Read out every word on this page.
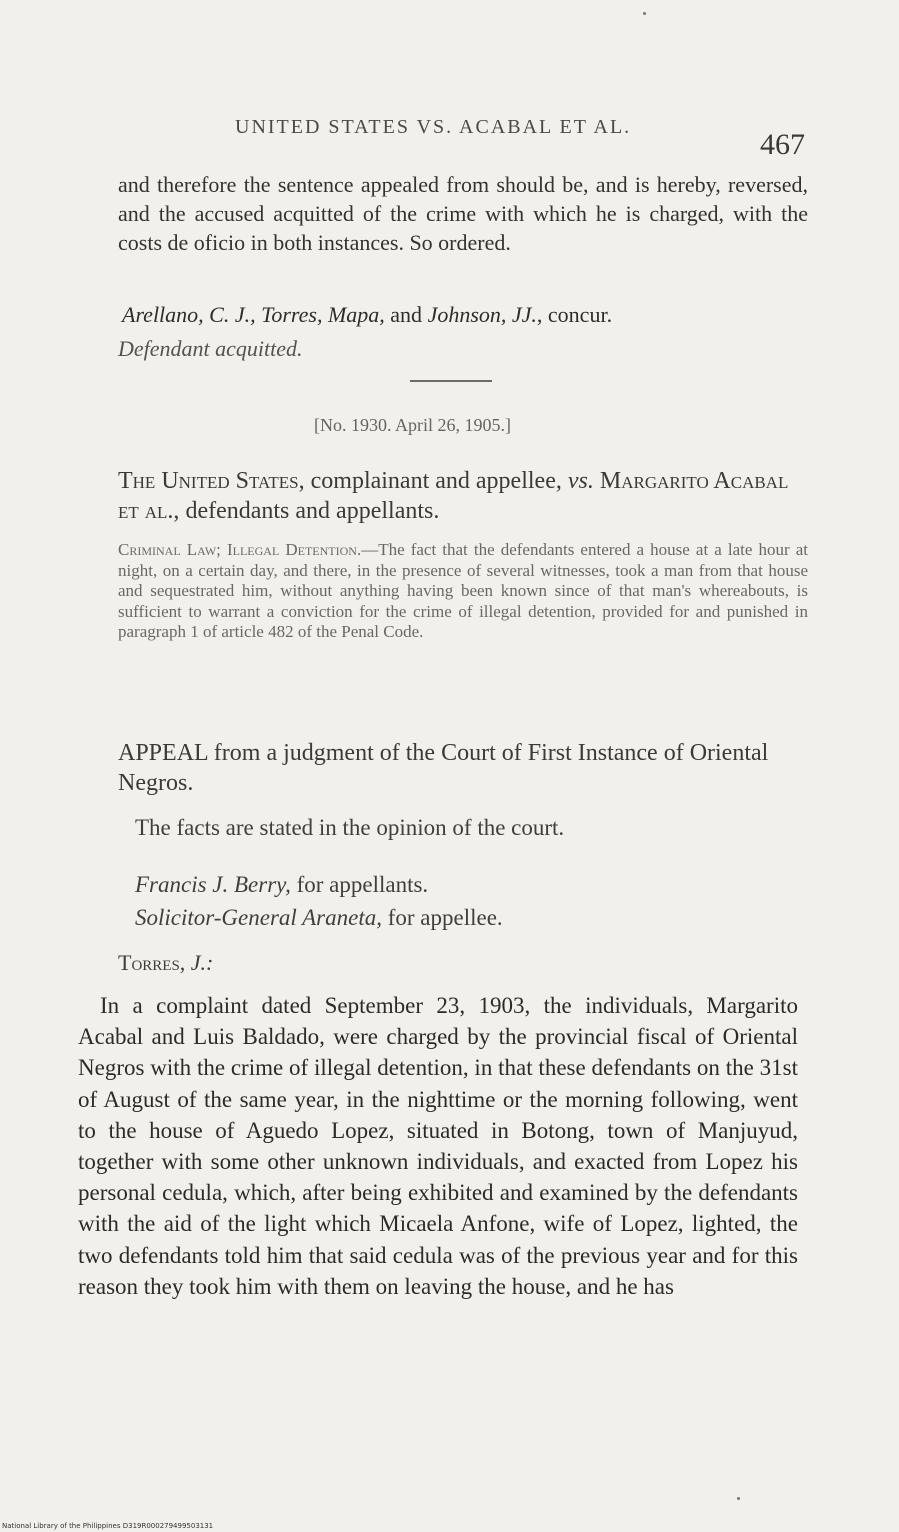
UNITED STATES VS. ACABAL ET AL.
467
and therefore the sentence appealed from should be, and is hereby, reversed, and the accused acquitted of the crime with which he is charged, with the costs de oficio in both instances. So ordered.
Arellano, C. J., Torres, Mapa, and Johnson, JJ., concur.
Defendant acquitted.
[No. 1930. April 26, 1905.]
The United States, complainant and appellee, vs. Margarito Acabal et al., defendants and appellants.
Criminal Law; Illegal Detention.—The fact that the defendants entered a house at a late hour at night, on a certain day, and there, in the presence of several witnesses, took a man from that house and sequestrated him, without anything having been known since of that man's whereabouts, is sufficient to warrant a conviction for the crime of illegal detention, provided for and punished in paragraph 1 of article 482 of the Penal Code.
APPEAL from a judgment of the Court of First Instance of Oriental Negros.
The facts are stated in the opinion of the court.
Francis J. Berry, for appellants.
Solicitor-General Araneta, for appellee.
Torres, J.:
In a complaint dated September 23, 1903, the individuals, Margarito Acabal and Luis Baldado, were charged by the provincial fiscal of Oriental Negros with the crime of illegal detention, in that these defendants on the 31st of August of the same year, in the nighttime or the morning following, went to the house of Aguedo Lopez, situated in Botong, town of Manjuyud, together with some other unknown individuals, and exacted from Lopez his personal cedula, which, after being exhibited and examined by the defendants with the aid of the light which Micaela Anfone, wife of Lopez, lighted, the two defendants told him that said cedula was of the previous year and for this reason they took him with them on leaving the house, and he has
National Library of the Philippines D319R000279499503131
